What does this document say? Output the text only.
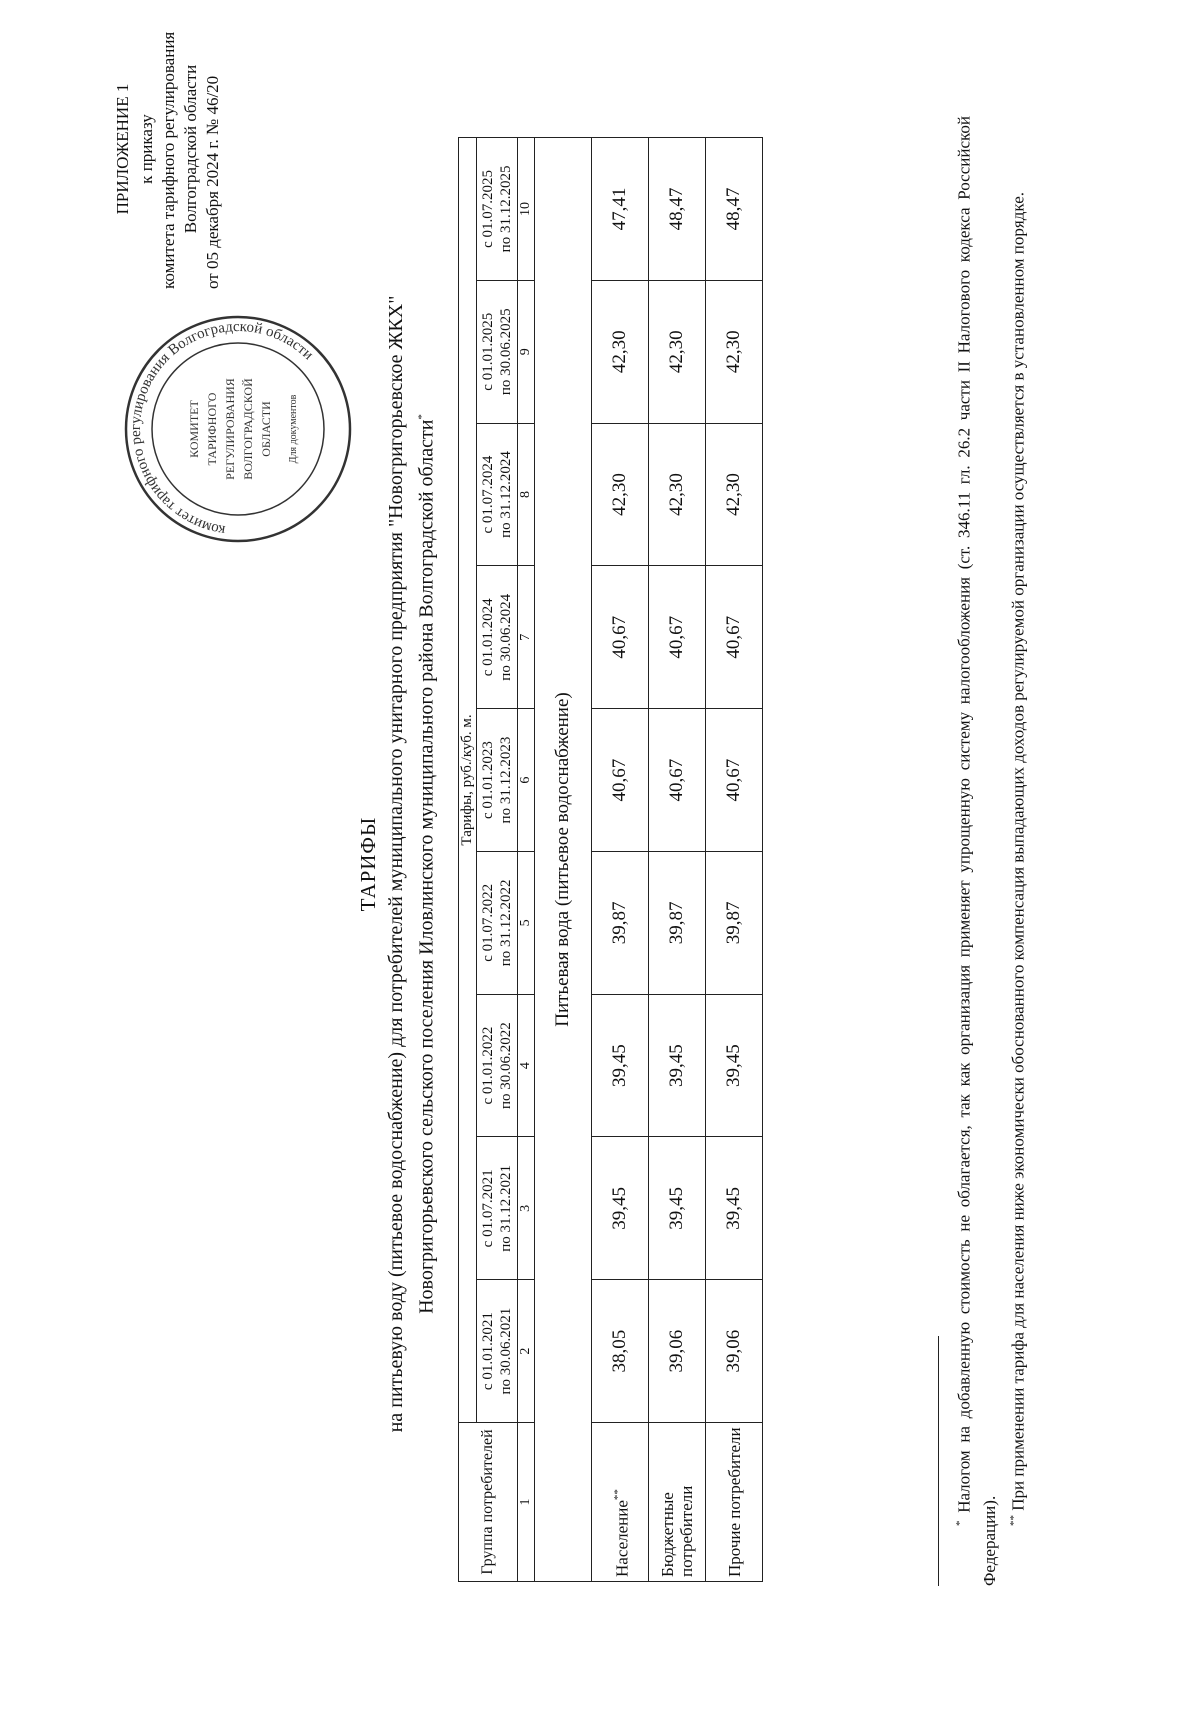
ПРИЛОЖЕНИЕ 1 к приказу комитета тарифного регулирования Волгоградской области от 05 декабря 2024 г. № 46/20
комитет тарифного регулирования Волгоградской области
КОМИТЕТ ТАРИФНОГО РЕГУЛИРОВАНИЯ ВОЛГОГРАДСКОЙ ОБЛАСТИ Для документов
ТАРИФЫ на питьевую воду (питьевое водоснабжение) для потребителей муниципального унитарного предприятия "Новогригорьевское ЖКХ" Новогригорьевского сельского поселения Иловлинского муниципального района Волгоградской области*
Группа потребителей	Тарифы, руб./куб. м.								
	с 01.01.2021 по 30.06.2021	с 01.07.2021 по 31.12.2021	с 01.01.2022 по 30.06.2022	с 01.07.2022 по 31.12.2022	с 01.01.2023 по 31.12.2023	с 01.01.2024 по 30.06.2024	с 01.07.2024 по 31.12.2024	с 01.01.2025 по 30.06.2025	с 01.07.2025 по 31.12.2025
1	2	3	4	5	6	7	8	9	10
Питьевая вода (питьевое водоснабжение)									
Население**	38,05	39,45	39,45	39,87	40,67	40,67	42,30	42,30	47,41
Бюджетные потребители	39,06	39,45	39,45	39,87	40,67	40,67	42,30	42,30	48,47
Прочие потребители	39,06	39,45	39,45	39,87	40,67	40,67	42,30	42,30	48,47

* Налогом на добавленную стоимость не облагается, так как организация применяет упрощенную систему налогообложения (ст. 346.11 гл. 26.2 части II Налогового кодекса Российской Федерации). ** При применении тарифа для населения ниже экономически обоснованного компенсация выпадающих доходов регулируемой организации осуществляется в установленном порядке.
